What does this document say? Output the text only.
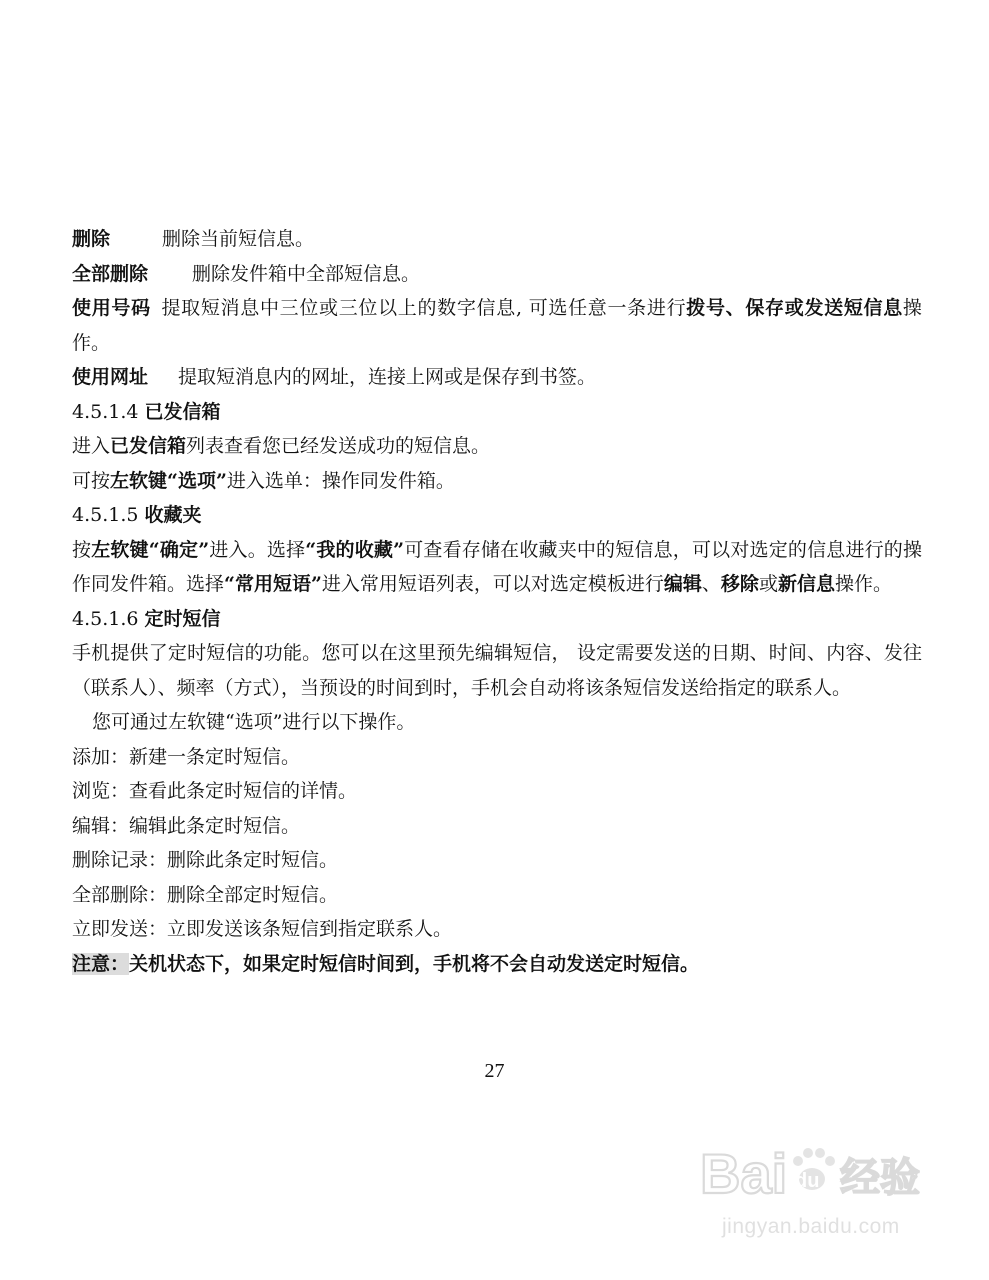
删除	删除当前短信息。
全部删除 删除发件箱中全部短信息。
使用号码 提取短消息中三位或三位以上的数字信息, 可选任意一条进行拨号、保存或发送短信息操作。
使用网址 提取短消息内的网址，连接上网或是保存到书签。
4.5.1.4 已发信箱
进入已发信箱列表查看您已经发送成功的短信息。
可按左软键“选项”进入选单：操作同发件箱。
4.5.1.5 收藏夹
按左软键“确定”进入。选择“我的收藏”可查看存储在收藏夹中的短信息，可以对选定的信息进行的操作同发件箱。选择“常用短语”进入常用短语列表，可以对选定模板进行编辑、移除或新信息操作。
4.5.1.6 定时短信
手机提供了定时短信的功能。您可以在这里预先编辑短信， 设定需要发送的日期、时间、内容、发往（联系人）、频率（方式），当预设的时间到时，手机会自动将该条短信发送给指定的联系人。
您可通过左软键“选项”进行以下操作。
添加：新建一条定时短信。
浏览：查看此条定时短信的详情。
编辑：编辑此条定时短信。
删除记录：删除此条定时短信。
全部删除：删除全部定时短信。
立即发送：立即发送该条短信到指定联系人。
注意：关机状态下，如果定时短信时间到，手机将不会自动发送定时短信。
27
Bai du 经验
jingyan.baidu.com
